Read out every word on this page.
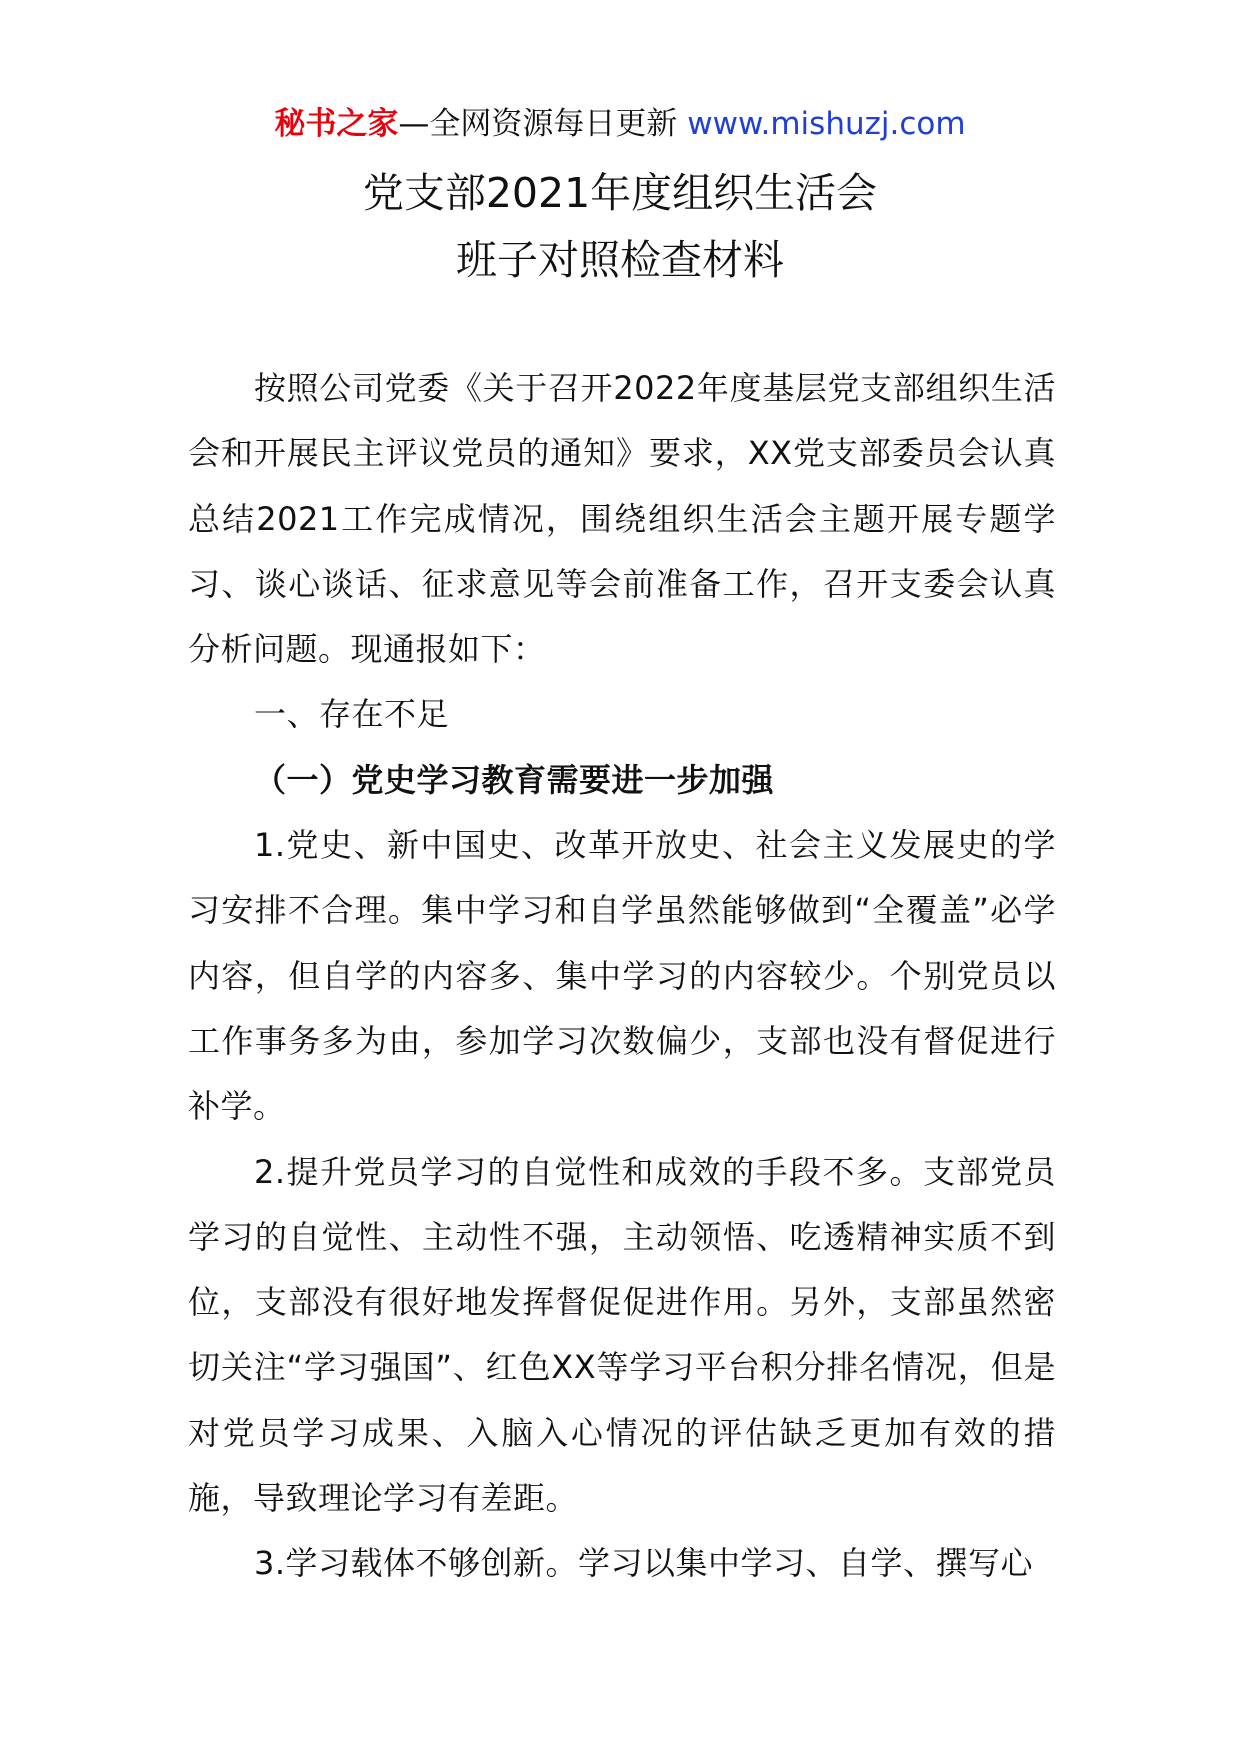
秘书之家—全网资源每日更新 www.mishuzj.com
党支部2021年度组织生活会
班子对照检查材料

按照公司党委《关于召开2022年度基层党支部组织生活会和开展民主评议党员的通知》要求，XX党支部委员会认真总结2021工作完成情况，围绕组织生活会主题开展专题学习、谈心谈话、征求意见等会前准备工作，召开支委会认真分析问题。现通报如下：

一、存在不足

（一）党史学习教育需要进一步加强

1.党史、新中国史、改革开放史、社会主义发展史的学习安排不合理。集中学习和自学虽然能够做到“全覆盖”必学内容，但自学的内容多、集中学习的内容较少。个别党员以工作事务多为由，参加学习次数偏少，支部也没有督促进行补学。

2.提升党员学习的自觉性和成效的手段不多。支部党员学习的自觉性、主动性不强，主动领悟、吃透精神实质不到位，支部没有很好地发挥督促促进作用。另外，支部虽然密切关注“学习强国”、红色XX等学习平台积分排名情况，但是对党员学习成果、入脑入心情况的评估缺乏更加有效的措施，导致理论学习有差距。

3.学习载体不够创新。学习以集中学习、自学、撰写心
